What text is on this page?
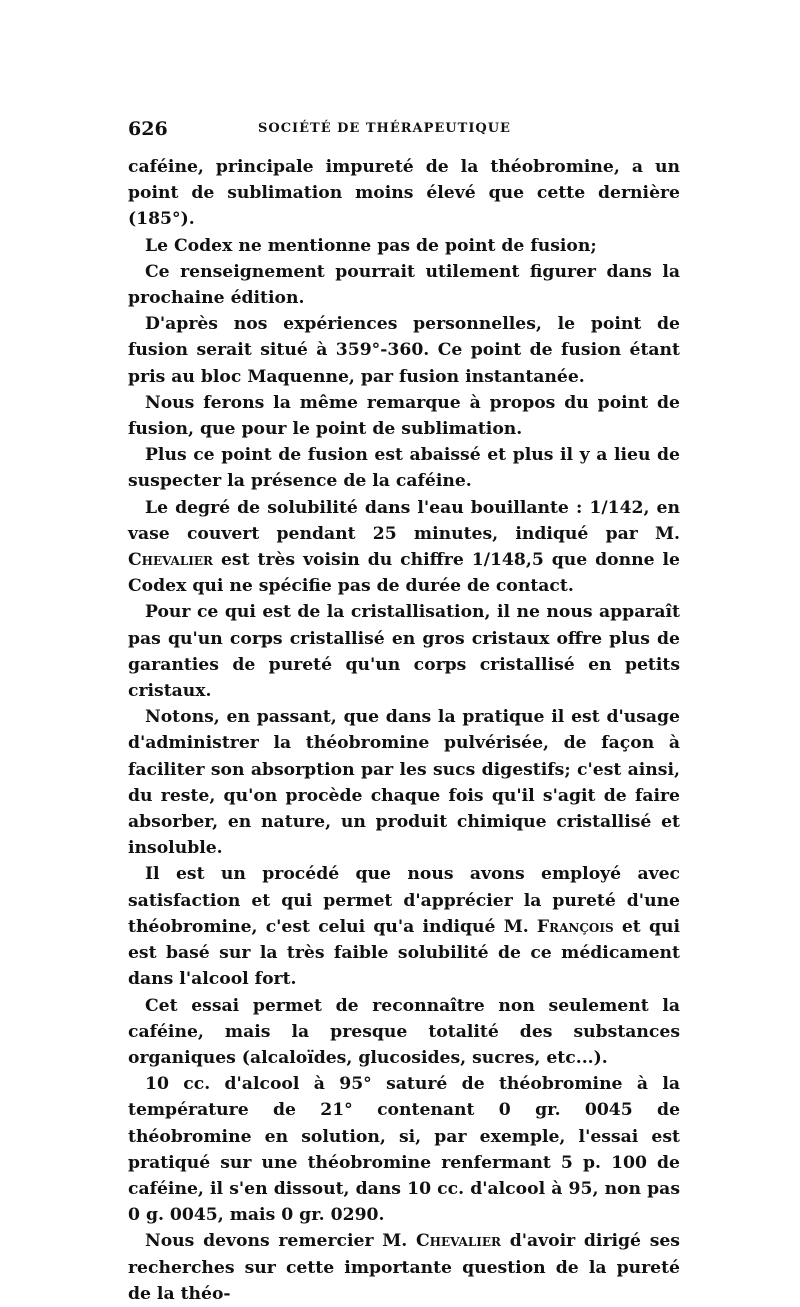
626	SOCIÉTÉ DE THÉRAPEUTIQUE

caféine, principale impureté de la théobromine, a un point de sublimation moins élevé que cette dernière (185°).

Le Codex ne mentionne pas de point de fusion;

Ce renseignement pourrait utilement figurer dans la prochaine édition.

D'après nos expériences personnelles, le point de fusion serait situé à 359°-360. Ce point de fusion étant pris au bloc Maquenne, par fusion instantanée.

Nous ferons la même remarque à propos du point de fusion, que pour le point de sublimation.

Plus ce point de fusion est abaissé et plus il y a lieu de suspecter la présence de la caféine.

Le degré de solubilité dans l'eau bouillante : 1/142, en vase couvert pendant 25 minutes, indiqué par M. Chevalier est très voisin du chiffre 1/148,5 que donne le Codex qui ne spécifie pas de durée de contact.

Pour ce qui est de la cristallisation, il ne nous apparaît pas qu'un corps cristallisé en gros cristaux offre plus de garanties de pureté qu'un corps cristallisé en petits cristaux.

Notons, en passant, que dans la pratique il est d'usage d'administrer la théobromine pulvérisée, de façon à faciliter son absorption par les sucs digestifs; c'est ainsi, du reste, qu'on procède chaque fois qu'il s'agit de faire absorber, en nature, un produit chimique cristallisé et insoluble.

Il est un procédé que nous avons employé avec satisfaction et qui permet d'apprécier la pureté d'une théobromine, c'est celui qu'a indiqué M. François et qui est basé sur la très faible solubilité de ce médicament dans l'alcool fort.

Cet essai permet de reconnaître non seulement la caféine, mais la presque totalité des substances organiques (alcaloïdes, glucosides, sucres, etc...).

10 cc. d'alcool à 95° saturé de théobromine à la température de 21° contenant 0 gr. 0045 de théobromine en solution, si, par exemple, l'essai est pratiqué sur une théobromine renfermant 5 p. 100 de caféine, il s'en dissout, dans 10 cc. d'alcool à 95, non pas 0 g. 0045, mais 0 gr. 0290.

Nous devons remercier M. Chevalier d'avoir dirigé ses recherches sur cette importante question de la pureté de la théo-
